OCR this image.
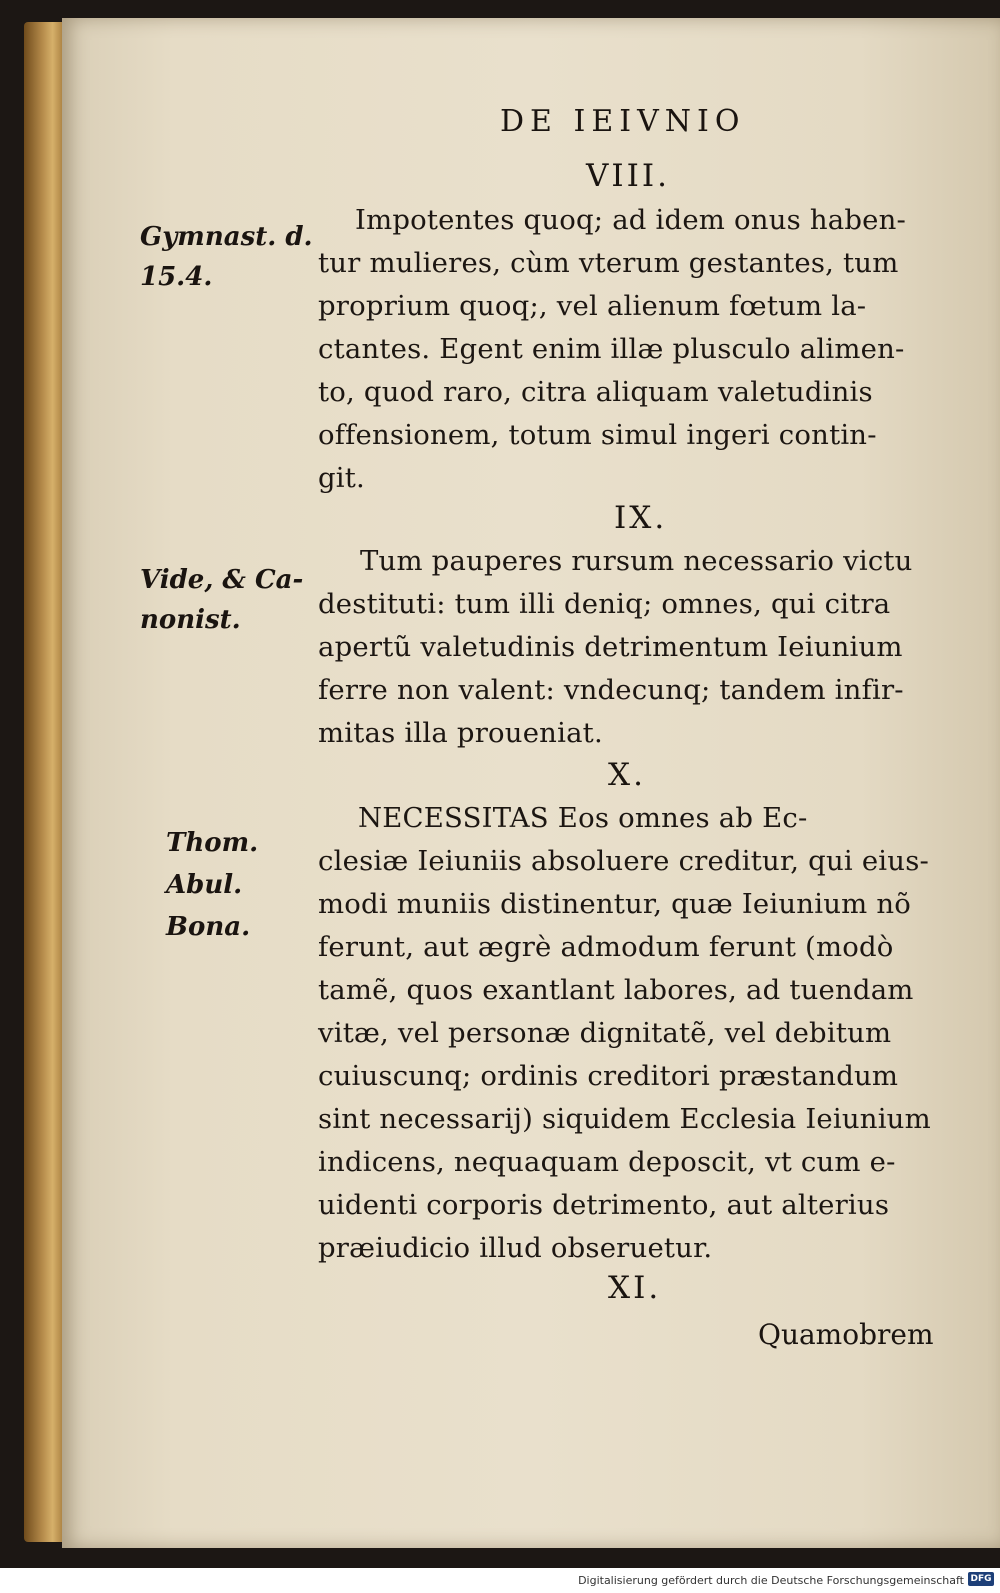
DE IEIVNIO
VIII.
Impotentes quoq; ad idem onus haben-
tur mulieres, cùm vterum gestantes, tum
proprium quoq;, vel alienum fœtum la-
ctantes. Egent enim illæ plusculo alimen-
to, quod raro, citra aliquam valetudinis
offensionem, totum simul ingeri contin-
git.
Gymnast. d.
15.4.
IX.
Tum pauperes rursum necessario victu
destituti: tum illi deniq; omnes, qui citra
apertũ valetudinis detrimentum Ieiunium
ferre non valent: vndecunq; tandem infir-
mitas illa proueniat.
Vide, & Ca-
nonist.
X.
NECESSITAS Eos omnes ab Ec-
clesiæ Ieiuniis absoluere creditur, qui eius-
modi muniis distinentur, quæ Ieiunium nõ
ferunt, aut ægrè admodum ferunt (modò
tamẽ, quos exantlant labores, ad tuendam
vitæ, vel personæ dignitatẽ, vel debitum
cuiuscunq; ordinis creditori præstandum
sint necessarij) siquidem Ecclesia Ieiunium
indicens, nequaquam deposcit, vt cum e-
uidenti corporis detrimento, aut alterius
præiudicio illud obseruetur.
Thom.
Abul.
Bona.
XI.
Quamobrem
Digitalisierung gefördert durch die Deutsche Forschungsgemeinschaft DFG
